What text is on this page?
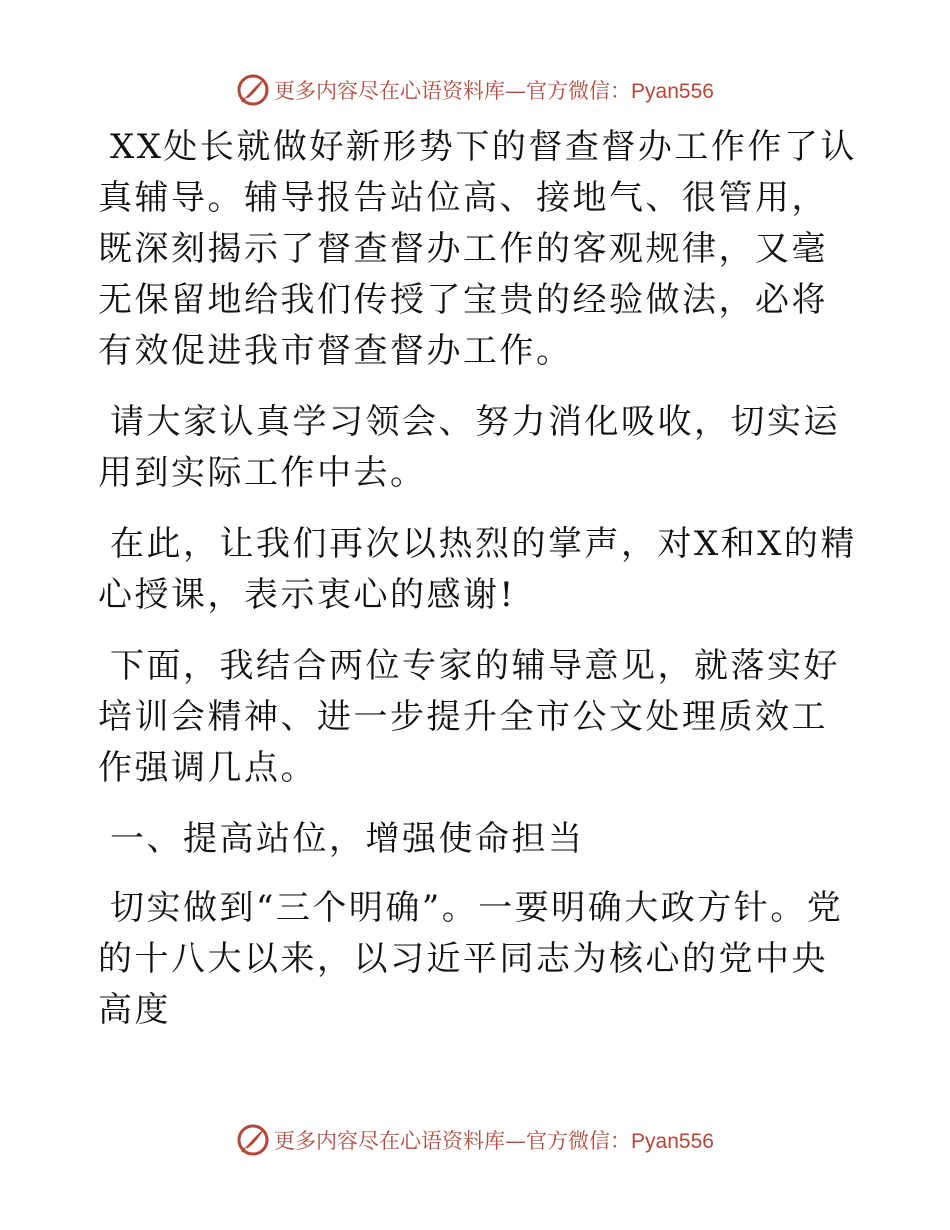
更多内容尽在心语资料库—官方微信：Pyan556

XX处长就做好新形势下的督查督办工作作了认真辅导。辅导报告站位高、接地气、很管用，既深刻揭示了督查督办工作的客观规律，又毫无保留地给我们传授了宝贵的经验做法，必将有效促进我市督查督办工作。

请大家认真学习领会、努力消化吸收，切实运用到实际工作中去。

在此，让我们再次以热烈的掌声，对X和X的精心授课，表示衷心的感谢!

下面，我结合两位专家的辅导意见，就落实好培训会精神、进一步提升全市公文处理质效工作强调几点。

一、提高站位，增强使命担当

切实做到“三个明确”。一要明确大政方针。党的十八大以来，以习近平同志为核心的党中央高度

更多内容尽在心语资料库—官方微信：Pyan556
